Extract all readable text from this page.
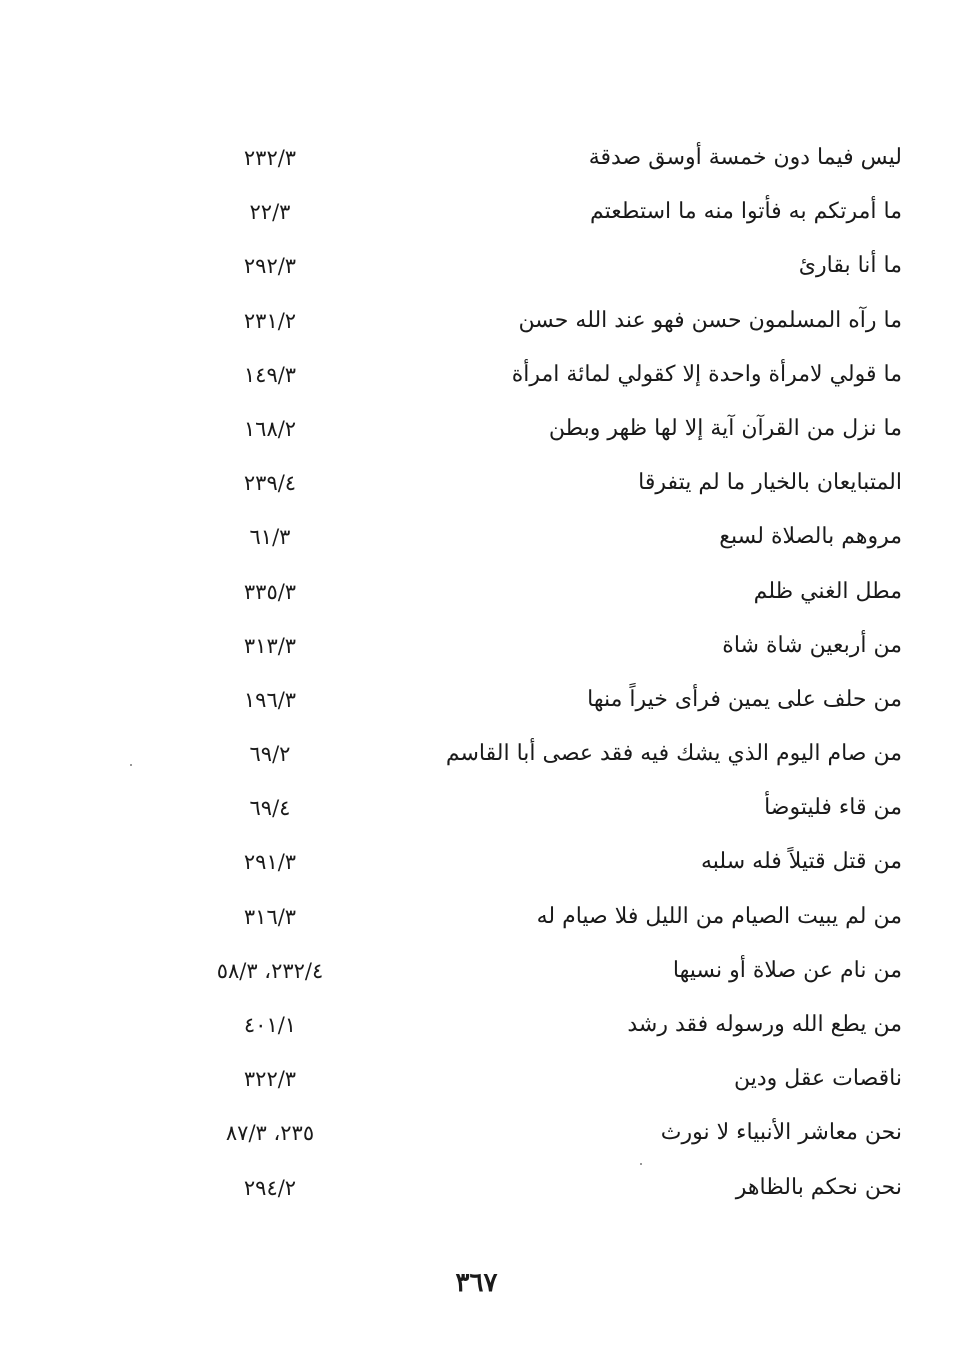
ليس فيما دون خمسة أوسق صدقة
٢٣٢/٣
ما أمرتكم به فأتوا منه ما استطعتم
٢٢/٣
ما أنا بقارئ
٢٩٢/٣
ما رآه المسلمون حسن فهو عند الله حسن
٢٣١/٢
ما قولي لامرأة واحدة إلا كقولي لمائة امرأة
١٤٩/٣
ما نزل من القرآن آية إلا لها ظهر وبطن
١٦٨/٢
المتبايعان بالخيار ما لم يتفرقا
٢٣٩/٤
مروهم بالصلاة لسبع
٦١/٣
مطل الغني ظلم
٣٣٥/٣
من أربعين شاة شاة
٣١٣/٣
من حلف على يمين فرأى خيراً منها
١٩٦/٣
من صام اليوم الذي يشك فيه فقد عصى أبا القاسم
٦٩/٢
من قاء فليتوضأ
٦٩/٤
من قتل قتيلاً فله سلبه
٢٩١/٣
من لم يبيت الصيام من الليل فلا صيام له
٣١٦/٣
من نام عن صلاة أو نسيها
٢٣٢/٤، ٥٨/٣
من يطع الله ورسوله فقد رشد
٤٠١/١
ناقصات عقل ودين
٣٢٢/٣
نحن معاشر الأنبياء لا نورث
٢٣٥، ٨٧/٣
نحن نحكم بالظاهر
٢٩٤/٢
٣٦٧
